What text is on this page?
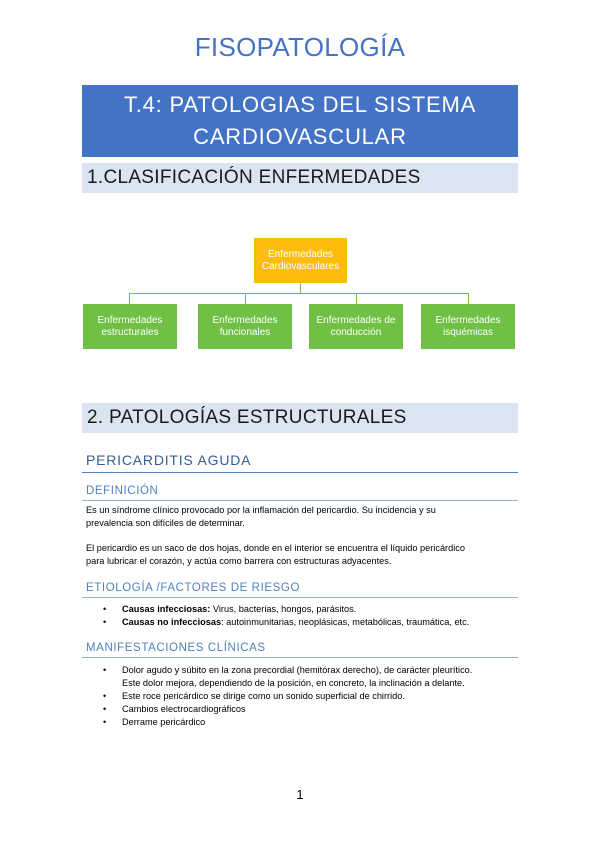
FISOPATOLOGÍA
T.4: PATOLOGIAS DEL SISTEMA
CARDIOVASCULAR
1.CLASIFICACIÓN ENFERMEDADES
Enfermedades
Cardiovasculares
Enfermedades
estructurales
Enfermedades
funcionales
Enfermedades de
conducción
Enfermedades
isquémicas
2. PATOLOGÍAS ESTRUCTURALES
PERICARDITIS AGUDA
DEFINICIÓN

Es un síndrome clínico provocado por la inflamación del pericardio. Su incidencia y su
prevalencia son difíciles de determinar.

El pericardio es un saco de dos hojas, donde en el interior se encuentra el líquido pericárdico
para lubricar el corazón, y actúa como barrera con estructuras adyacentes.

ETIOLOGÍA /FACTORES DE RIESGO
• Causas infecciosas: Virus, bacterias, hongos, parásitos.
• Causas no infecciosas: autoinmunitarias, neoplásicas, metabólicas, traumática, etc.
MANIFESTACIONES CLÍNICAS
• Dolor agudo y súbito en la zona precordial (hemitórax derecho), de carácter pleurítico.
Este dolor mejora, dependiendo de la posición, en concreto, la inclinación a delante.
• Este roce pericárdico se dirige como un sonido superficial de chirrido.
• Cambios electrocardiográficos
• Derrame pericárdico
1
